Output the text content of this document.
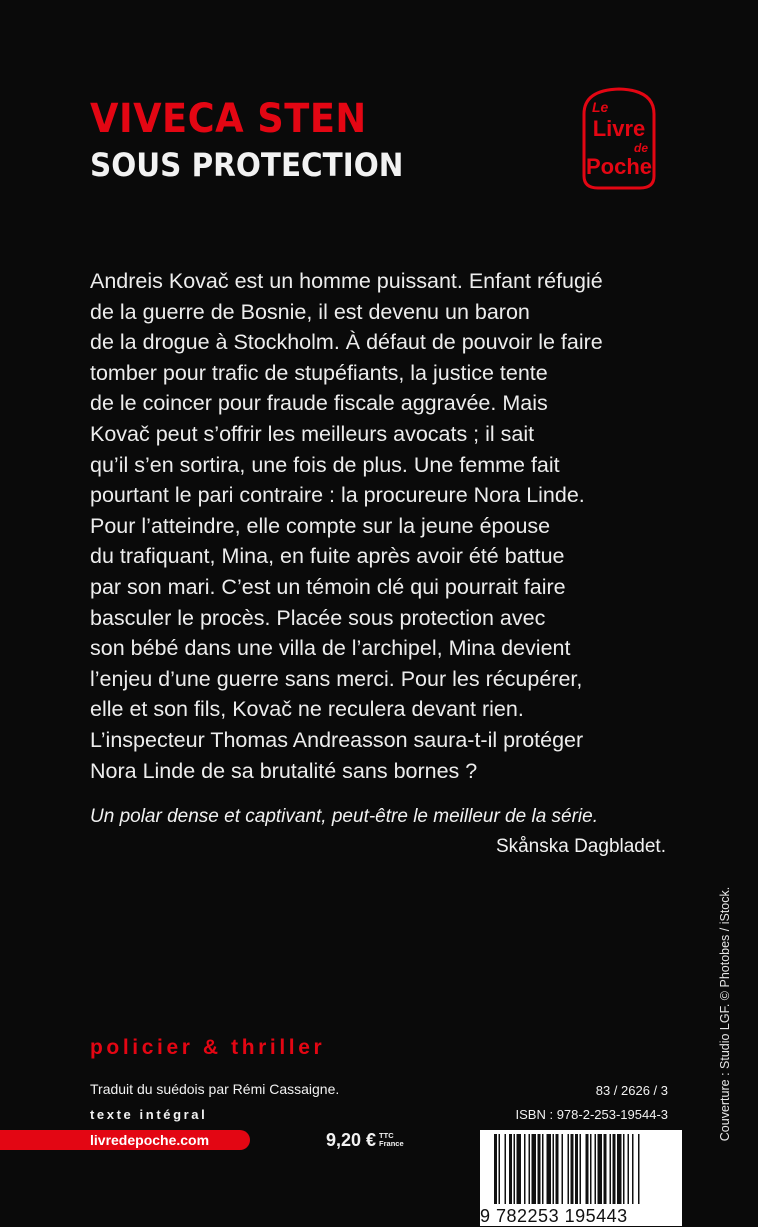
VIVECA STEN
SOUS PROTECTION
Le
Livre
de
Poche

Andreis Kovač est un homme puissant. Enfant réfugié
de la guerre de Bosnie, il est devenu un baron
de la drogue à Stockholm. À défaut de pouvoir le faire
tomber pour trafic de stupéfiants, la justice tente
de le coincer pour fraude fiscale aggravée. Mais
Kovač peut s’offrir les meilleurs avocats ; il sait
qu’il s’en sortira, une fois de plus. Une femme fait
pourtant le pari contraire : la procureure Nora Linde.
Pour l’atteindre, elle compte sur la jeune épouse
du trafiquant, Mina, en fuite après avoir été battue
par son mari. C’est un témoin clé qui pourrait faire
basculer le procès. Placée sous protection avec
son bébé dans une villa de l’archipel, Mina devient
l’enjeu d’une guerre sans merci. Pour les récupérer,
elle et son fils, Kovač ne reculera devant rien.
L’inspecteur Thomas Andreasson saura-t-il protéger
Nora Linde de sa brutalité sans bornes ?

Un polar dense et captivant, peut-être le meilleur de la série.

Skånska Dagbladet.

Couverture : Studio LGF. © Photobes / iStock.

policier & thriller

Traduit du suédois par Rémi Cassaigne.

texte intégral

livredepoche.com	9,20 € TTC
France

83 / 2626 / 3

ISBN : 978-2-253-19544-3

9 782253 195443
